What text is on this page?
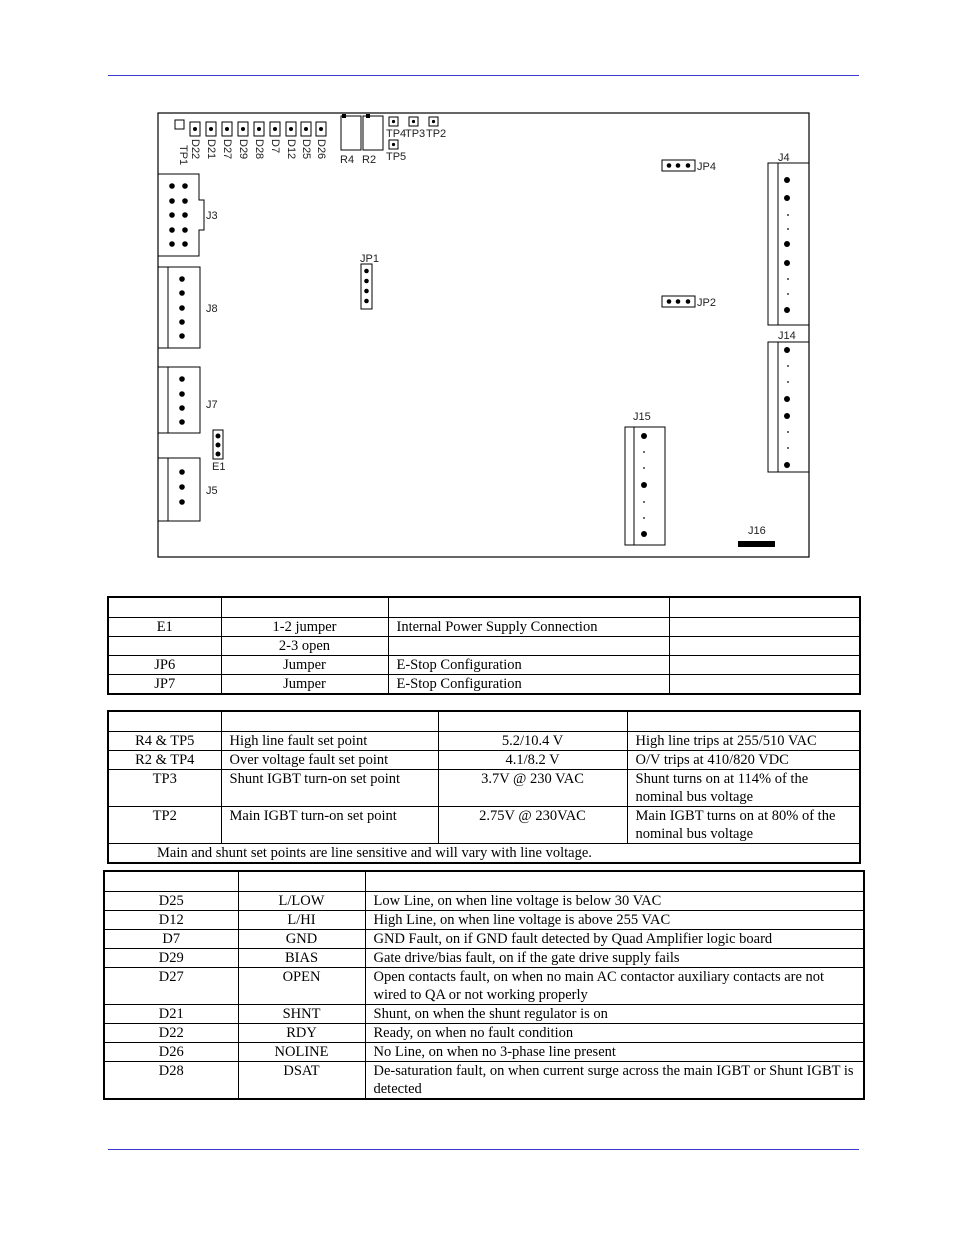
TP1 D22 D21 D27 D29 D28 D7 D12 D25 D26
R4 R2
TP4
TP3 TP2
TP5
JP4
JP2
JP1
J3
J8
J7
E1
J5
J4
J14
J15
J16

E1	1-2 jumper	Internal Power Supply Connection	
	2-3 open		
JP6	Jumper	E-Stop Configuration	
JP7	Jumper	E-Stop Configuration	

R4 & TP5	High line fault set point	5.2/10.4 V	High line trips at 255/510 VAC
R2 & TP4	Over voltage fault set point	4.1/8.2 V	O/V trips at 410/820 VDC
TP3	Shunt IGBT turn-on set point	3.7V @ 230 VAC	Shunt turns on at 114% of the nominal bus voltage
TP2	Main IGBT turn-on set point	2.75V @ 230VAC	Main IGBT turns on at 80% of the nominal bus voltage
Main and shunt set points are line sensitive and will vary with line voltage.			

D25	L/LOW	Low Line, on when line voltage is below 30 VAC
D12	L/HI	High Line, on when line voltage is above 255 VAC
D7	GND	GND Fault, on if GND fault detected by Quad Amplifier logic board
D29	BIAS	Gate drive/bias fault, on if the gate drive supply fails
D27	OPEN	Open contacts fault, on when no main AC contactor auxiliary contacts are not wired to QA or not working properly
D21	SHNT	Shunt, on when the shunt regulator is on
D22	RDY	Ready, on when no fault condition
D26	NOLINE	No Line, on when no 3-phase line present
D28	DSAT	De-saturation fault, on when current surge across the main IGBT or Shunt IGBT is detected
